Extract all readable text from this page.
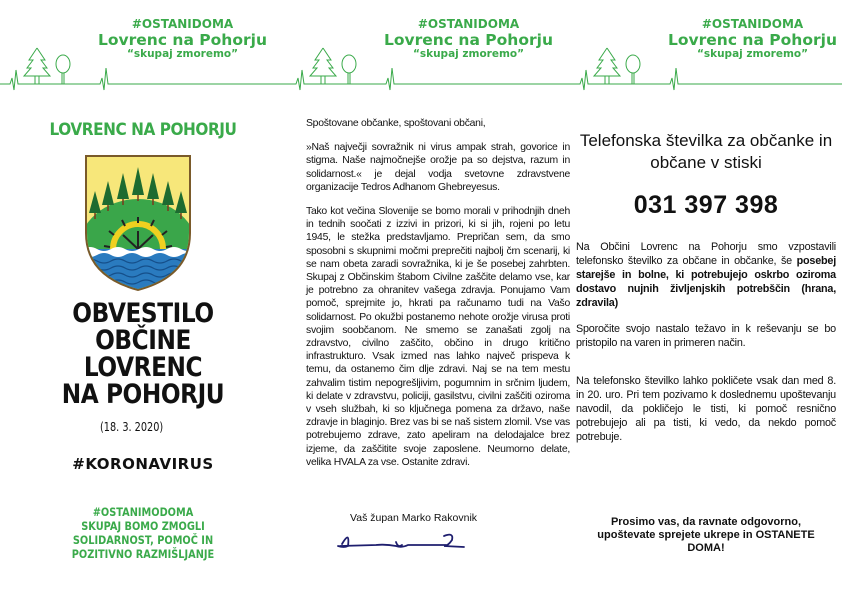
#OSTANIDOMA
Lovrenc na Pohorju
“skupaj zmoremo”
LOVRENC NA POHORJU
OBVESTILO
OBČINE
LOVRENC
NA POHORJU
(18. 3. 2020)
#KORONAVIRUS
#OSTANIMODOMA
SKUPAJ BOMO ZMOGLI
SOLIDARNOST, POMOČ IN
POZITIVNO RAZMIŠLJANJE
#OSTANIDOMA
Lovrenc na Pohorju
“skupaj zmoremo”

Spoštovane občanke, spoštovani občani,

»Naš največji sovražnik ni virus ampak strah, govorice in stigma. Naše najmočnejše orožje pa so dejstva, razum in solidarnost.« je dejal vodja svetovne zdravstvene organizacije Tedros Adhanom Ghebreyesus.

Tako kot večina Slovenije se bomo morali v prihodnjih dneh in tednih soočati z izzivi in prizori, ki si jih, rojeni po letu 1945, le stežka predstavljamo. Prepričan sem, da smo sposobni s skupnimi močmi preprečiti najbolj črn scenarij, ki se nam obeta zaradi sovražnika, ki je še posebej zahrbten. Skupaj z Občinskim štabom Civilne zaščite delamo vse, kar je potrebno za ohranitev vašega zdravja. Ponujamo Vam pomoč, sprejmite jo, hkrati pa računamo tudi na Vašo solidarnost. Po okužbi postanemo nehote orožje virusa proti svojim soobčanom. Ne smemo se zanašati zgolj na zdravstvo, civilno zaščito, občino in drugo kritično infrastrukturo. Vsak izmed nas lahko največ prispeva k temu, da ostanemo čim dlje zdravi. Naj se na tem mestu zahvalim tistim nepogrešljivim, pogumnim in srčnim ljudem, ki delate v zdravstvu, policiji, gasilstvu, civilni zaščiti oziroma v vseh službah, ki so ključnega pomena za državo, naše zdravje in blaginjo. Brez vas bi se naš sistem zlomil. Vse vas potrebujemo zdrave, zato apeliram na delodajalce brez izjeme, da zaščitite svoje zaposlene. Neumorno delate, velika HVALA za vse. Ostanite zdravi.

Vaš župan Marko Rakovnik
#OSTANIDOMA
Lovrenc na Pohorju
“skupaj zmoremo”
Telefonska številka za občanke in občane v stiski
031 397 398

Na Občini Lovrenc na Pohorju smo vzpostavili telefonsko številko za občane in občanke, še posebej starejše in bolne, ki potrebujejo oskrbo oziroma dostavo nujnih življenjskih potrebščin (hrana, zdravila)

Sporočite svojo nastalo težavo in k reševanju se bo pristopilo na varen in primeren način.

Na telefonsko številko lahko pokličete vsak dan med 8. in 20. uro. Pri tem pozivamo k doslednemu upoštevanju navodil, da pokličejo le tisti, ki pomoč resnično potrebujejo ali pa tisti, ki vedo, da nekdo pomoč potrebuje.

Prosimo vas, da ravnate odgovorno, upoštevate sprejete ukrepe in OSTANETE DOMA!
